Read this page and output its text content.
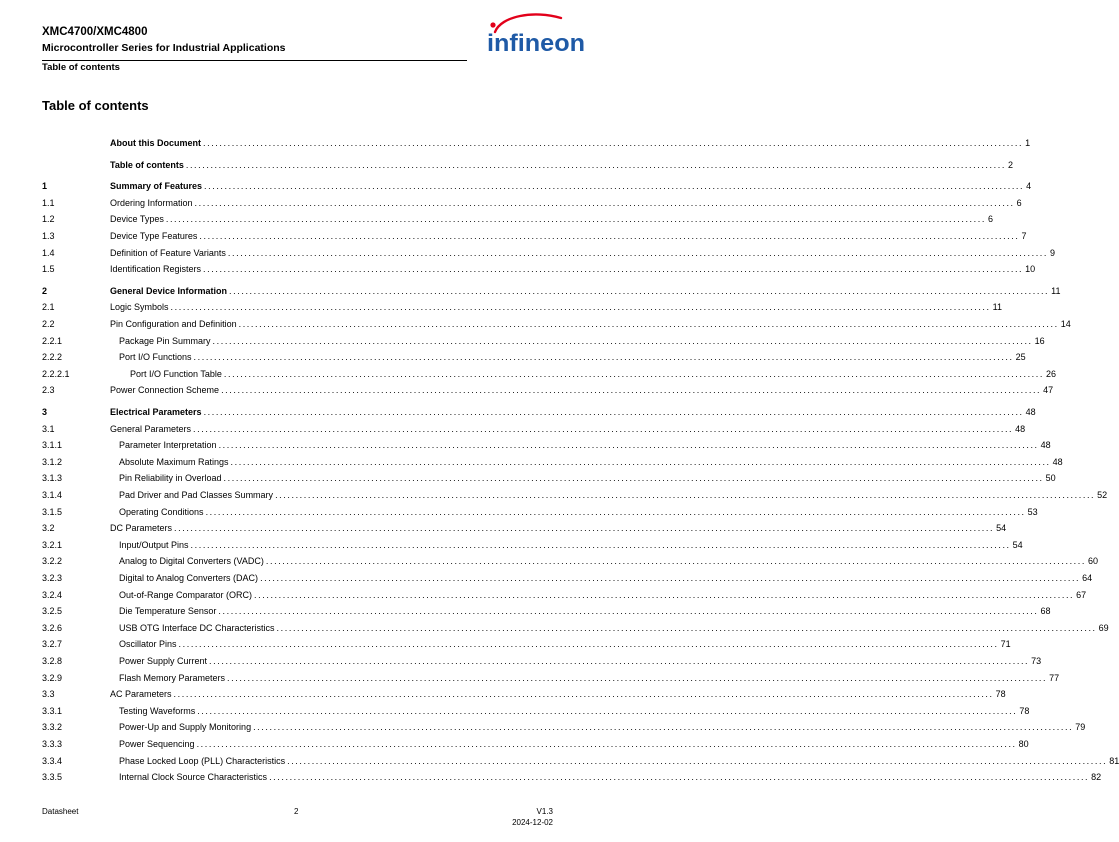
XMC4700/XMC4800
Microcontroller Series for Industrial Applications
Table of contents
infineon
Table of contents
About this Document ........................................................................................................................................................................................................ 1
Table of contents ........................................................................................................................................................................................................ 2
1	Summary of Features ........................................................................................................................................................................................................ 4
1.1	Ordering Information ........................................................................................................................................................................................................ 6
1.2	Device Types ........................................................................................................................................................................................................ 6
1.3	Device Type Features ........................................................................................................................................................................................................ 7
1.4	Definition of Feature Variants ........................................................................................................................................................................................................ 9
1.5	Identification Registers ........................................................................................................................................................................................................ 10
2	General Device Information ........................................................................................................................................................................................................ 11
2.1	Logic Symbols ........................................................................................................................................................................................................ 11
2.2	Pin Configuration and Definition ........................................................................................................................................................................................................ 14
2.2.1	Package Pin Summary ........................................................................................................................................................................................................ 16
2.2.2	Port I/O Functions ........................................................................................................................................................................................................ 25
2.2.2.1	Port I/O Function Table ........................................................................................................................................................................................................ 26
2.3	Power Connection Scheme ........................................................................................................................................................................................................ 47
3	Electrical Parameters ........................................................................................................................................................................................................ 48
3.1	General Parameters ........................................................................................................................................................................................................ 48
3.1.1	Parameter Interpretation ........................................................................................................................................................................................................ 48
3.1.2	Absolute Maximum Ratings ........................................................................................................................................................................................................ 48
3.1.3	Pin Reliability in Overload ........................................................................................................................................................................................................ 50
3.1.4	Pad Driver and Pad Classes Summary ........................................................................................................................................................................................................ 52
3.1.5	Operating Conditions ........................................................................................................................................................................................................ 53
3.2	DC Parameters ........................................................................................................................................................................................................ 54
3.2.1	Input/Output Pins ........................................................................................................................................................................................................ 54
3.2.2	Analog to Digital Converters (VADC) ........................................................................................................................................................................................................ 60
3.2.3	Digital to Analog Converters (DAC) ........................................................................................................................................................................................................ 64
3.2.4	Out-of-Range Comparator (ORC) ........................................................................................................................................................................................................ 67
3.2.5	Die Temperature Sensor ........................................................................................................................................................................................................ 68
3.2.6	USB OTG Interface DC Characteristics ........................................................................................................................................................................................................ 69
3.2.7	Oscillator Pins ........................................................................................................................................................................................................ 71
3.2.8	Power Supply Current ........................................................................................................................................................................................................ 73
3.2.9	Flash Memory Parameters ........................................................................................................................................................................................................ 77
3.3	AC Parameters ........................................................................................................................................................................................................ 78
3.3.1	Testing Waveforms ........................................................................................................................................................................................................ 78
3.3.2	Power-Up and Supply Monitoring ........................................................................................................................................................................................................ 79
3.3.3	Power Sequencing ........................................................................................................................................................................................................ 80
3.3.4	Phase Locked Loop (PLL) Characteristics ........................................................................................................................................................................................................ 81
3.3.5	Internal Clock Source Characteristics ........................................................................................................................................................................................................ 82
Datasheet	2	V1.3
2024-12-02
